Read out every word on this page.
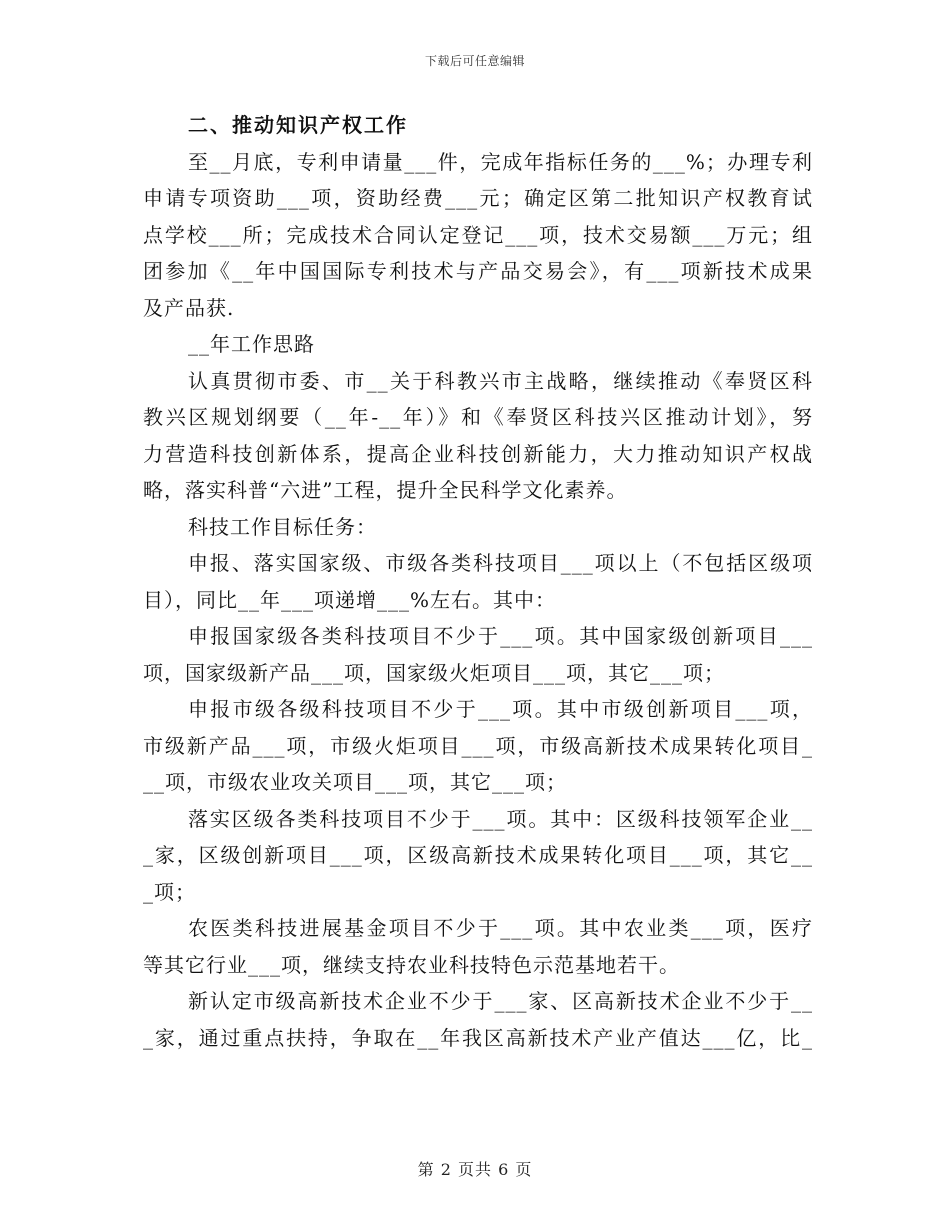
下载后可任意编辑
二、推动知识产权工作
至__月底，专利申请量___件，完成年指标任务的___%；办理专利
申请专项资助___项，资助经费___元；确定区第二批知识产权教育试
点学校___所；完成技术合同认定登记___项，技术交易额___万元；组
团参加《__年中国国际专利技术与产品交易会》，有___项新技术成果
及产品获.
__年工作思路
认真贯彻市委、市__关于科教兴市主战略，继续推动《奉贤区科
教兴区规划纲要（__年-__年）》和《奉贤区科技兴区推动计划》，努
力营造科技创新体系，提高企业科技创新能力，大力推动知识产权战
略，落实科普“六进”工程，提升全民科学文化素养。
科技工作目标任务：
申报、落实国家级、市级各类科技项目___项以上（不包括区级项
目），同比__年___项递增___%左右。其中：
申报国家级各类科技项目不少于___项。其中国家级创新项目___
项，国家级新产品___项，国家级火炬项目___项，其它___项；
申报市级各级科技项目不少于___项。其中市级创新项目___项，
市级新产品___项，市级火炬项目___项，市级高新技术成果转化项目_
__项，市级农业攻关项目___项，其它___项；
落实区级各类科技项目不少于___项。其中：区级科技领军企业__
_家，区级创新项目___项，区级高新技术成果转化项目___项，其它__
_项；
农医类科技进展基金项目不少于___项。其中农业类___项，医疗
等其它行业___项，继续支持农业科技特色示范基地若干。
新认定市级高新技术企业不少于___家、区高新技术企业不少于__
_家，通过重点扶持，争取在__年我区高新技术产业产值达___亿，比_
第 2 页共 6 页
